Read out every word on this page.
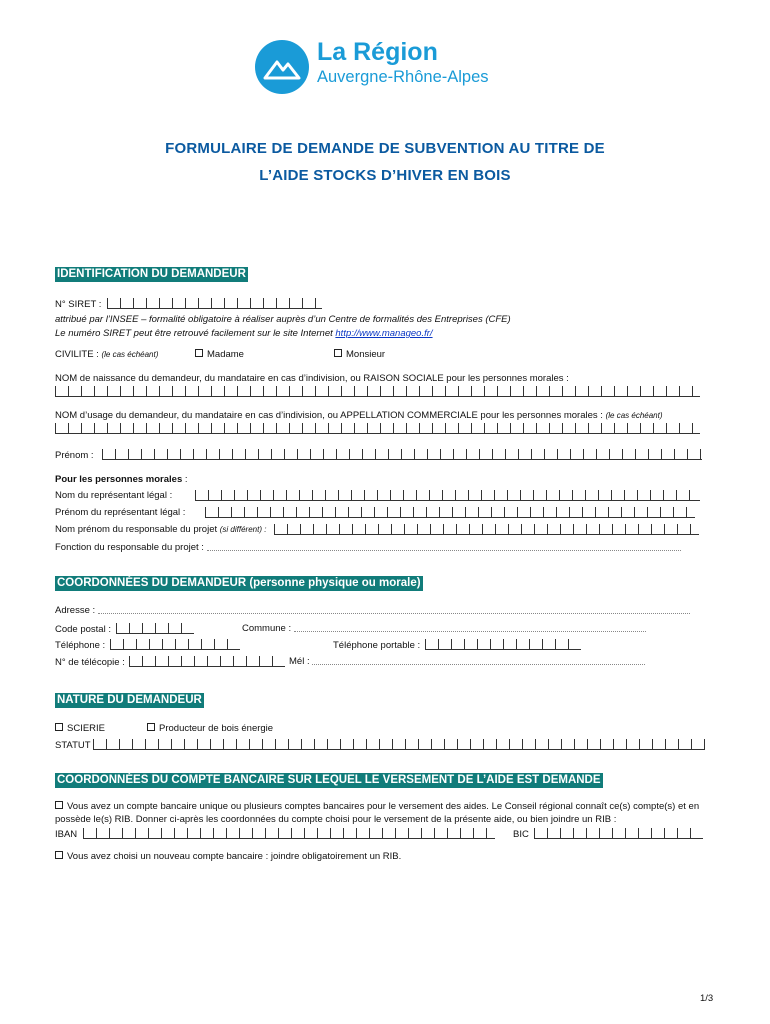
La Région
Auvergne-Rhône-Alpes
FORMULAIRE DE DEMANDE DE SUBVENTION AU TITRE DE
L’AIDE STOCKS D’HIVER EN BOIS
IDENTIFICATION DU DEMANDEUR
N° SIRET :
attribué par l’INSEE – formalité obligatoire à réaliser auprès d’un Centre de formalités des Entreprises (CFE)
Le numéro SIRET peut être retrouvé facilement sur le site Internet http://www.manageo.fr/
CIVILITE : (le cas échéant)	Madame	Monsieur
NOM de naissance du demandeur, du mandataire en cas d’indivision, ou RAISON SOCIALE pour les personnes morales :
NOM d’usage du demandeur, du mandataire en cas d’indivision, ou APPELLATION COMMERCIALE pour les personnes morales : (le cas échéant)
Prénom :
Pour les personnes morales :
Nom du représentant légal :
Prénom du représentant légal :
Nom prénom du responsable du projet (si différent) :
Fonction du responsable du projet :
COORDONNÉES DU DEMANDEUR (personne physique ou morale)
Adresse :
Code postal :	Commune :
Téléphone :	Téléphone portable :
N° de télécopie :	Mél :
NATURE DU DEMANDEUR
SCIERIE	Producteur de bois énergie
STATUT
COORDONNÉES DU COMPTE BANCAIRE SUR LEQUEL LE VERSEMENT DE L’AIDE EST DEMANDE
Vous avez un compte bancaire unique ou plusieurs comptes bancaires pour le versement des aides. Le Conseil régional connaît ce(s) compte(s) et en
possède le(s) RIB. Donner ci-après les coordonnées du compte choisi pour le versement de la présente aide, ou bien joindre un RIB :
IBAN	BIC
Vous avez choisi un nouveau compte bancaire : joindre obligatoirement un RIB.
1/3
